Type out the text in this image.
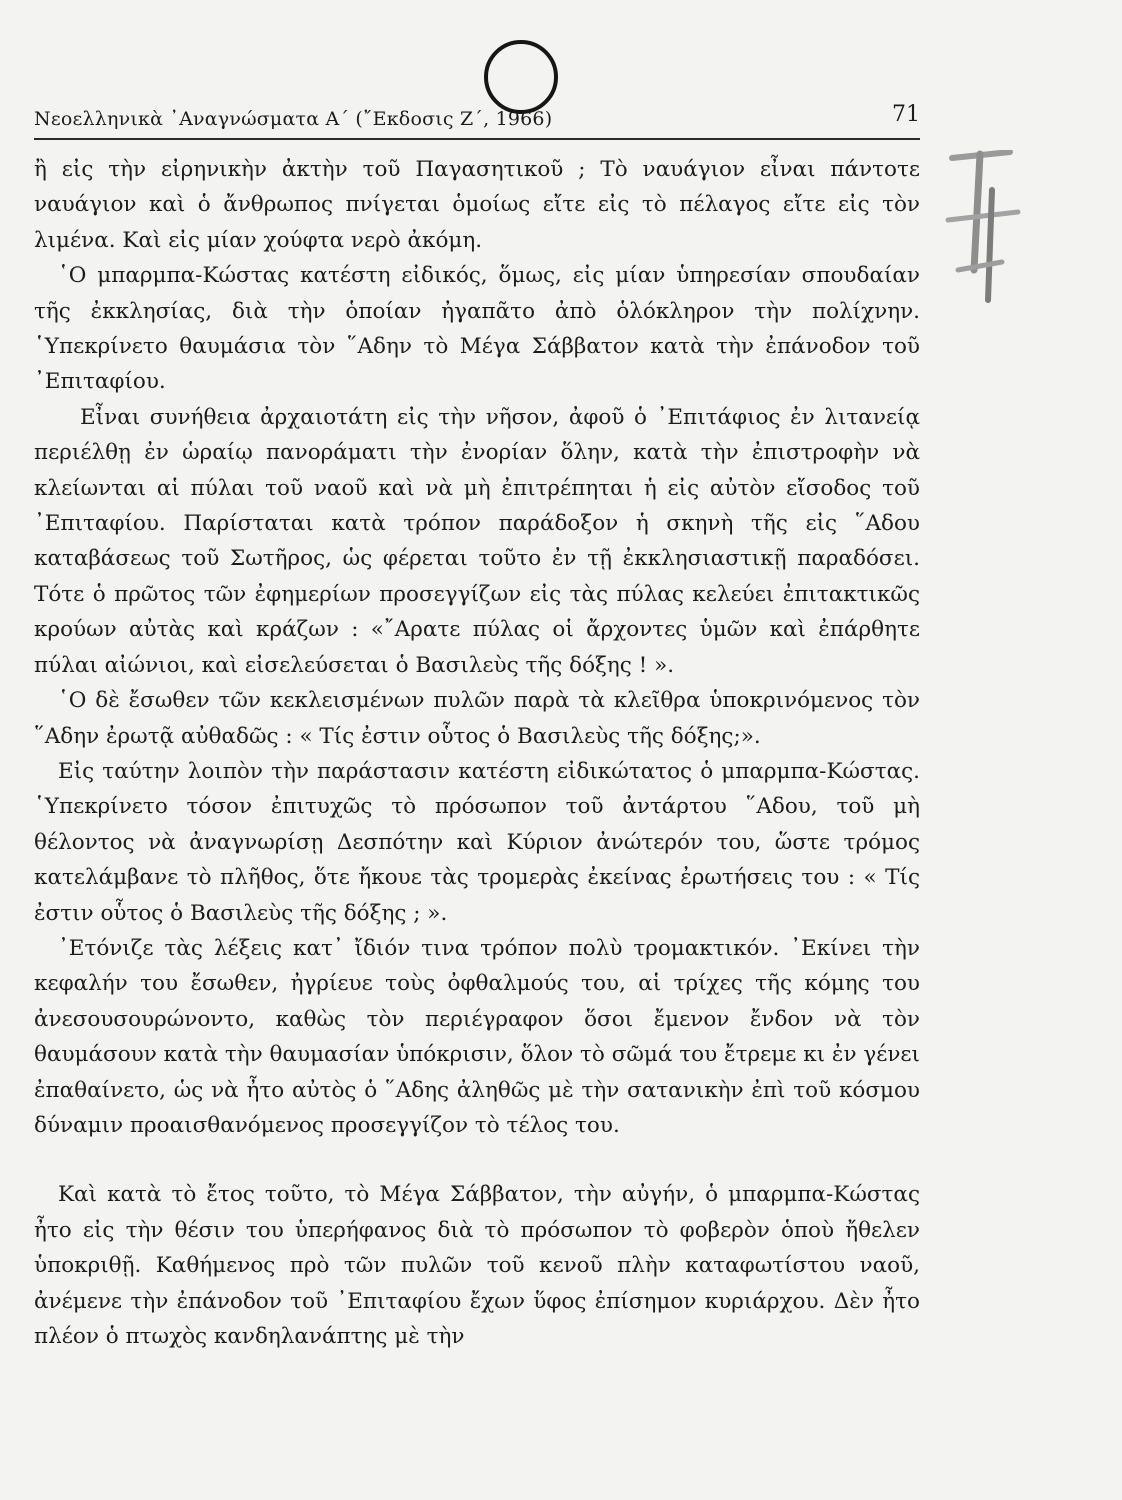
Νεοελληνικὰ ᾿Αναγνώσματα Α΄ (῎Εκδοσις Ζ΄, 1966)	71

ἢ εἰς τὴν εἰρηνικὴν ἀκτὴν τοῦ Παγασητικοῦ ; Τὸ ναυάγιον εἶναι πάντοτε ναυάγιον καὶ ὁ ἄνθρωπος πνίγεται ὁμοίως εἴτε εἰς τὸ πέλαγος εἴτε εἰς τὸν λιμένα. Καὶ εἰς μίαν χούφτα νερὸ ἀκόμη.

῾Ο μπαρμπα-Κώστας κατέστη εἰδικός, ὅμως, εἰς μίαν ὑπηρεσίαν σπουδαίαν τῆς ἐκκλησίας, διὰ τὴν ὁποίαν ἠγαπᾶτο ἀπὸ ὁλόκληρον τὴν πολίχνην. ῾Υπεκρίνετο θαυμάσια τὸν ῞Αδην τὸ Μέγα Σάββατον κατὰ τὴν ἐπάνοδον τοῦ ᾿Επιταφίου.

Εἶναι συνήθεια ἀρχαιοτάτη εἰς τὴν νῆσον, ἀφοῦ ὁ ᾿Επιτάφιος ἐν λιτανείᾳ περιέλθῃ ἐν ὡραίῳ πανοράματι τὴν ἐνορίαν ὅλην, κατὰ τὴν ἐπιστροφὴν νὰ κλείωνται αἱ πύλαι τοῦ ναοῦ καὶ νὰ μὴ ἐπιτρέπηται ἡ εἰς αὐτὸν εἴσοδος τοῦ ᾿Επιταφίου. Παρίσταται κατὰ τρόπον παράδοξον ἡ σκηνὴ τῆς εἰς ῞Αδου καταβάσεως τοῦ Σωτῆρος, ὡς φέρεται τοῦτο ἐν τῇ ἐκκλησιαστικῇ παραδόσει. Τότε ὁ πρῶτος τῶν ἐφημερίων προσεγγίζων εἰς τὰς πύλας κελεύει ἐπιτακτικῶς κρούων αὐτὰς καὶ κράζων : «῎Αρατε πύλας οἱ ἄρχοντες ὑμῶν καὶ ἐπάρθητε πύλαι αἰώνιοι, καὶ εἰσελεύσεται ὁ Βασιλεὺς τῆς δόξης ! ».

῾Ο δὲ ἔσωθεν τῶν κεκλεισμένων πυλῶν παρὰ τὰ κλεῖθρα ὑποκρινόμενος τὸν ῞Αδην ἐρωτᾷ αὐθαδῶς : « Τίς ἐστιν οὗτος ὁ Βασιλεὺς τῆς δόξης;».

Εἰς ταύτην λοιπὸν τὴν παράστασιν κατέστη εἰδικώτατος ὁ μπαρμπα-Κώστας. ῾Υπεκρίνετο τόσον ἐπιτυχῶς τὸ πρόσωπον τοῦ ἀντάρτου ῞Αδου, τοῦ μὴ θέλοντος νὰ ἀναγνωρίσῃ Δεσπότην καὶ Κύριον ἀνώτερόν του, ὥστε τρόμος κατελάμβανε τὸ πλῆθος, ὅτε ἤκουε τὰς τρομερὰς ἐκείνας ἐρωτήσεις του : « Τίς ἐστιν οὗτος ὁ Βασιλεὺς τῆς δόξης ; ».

᾿Ετόνιζε τὰς λέξεις κατ᾿ ἴδιόν τινα τρόπον πολὺ τρομακτικόν. ᾿Εκίνει τὴν κεφαλήν του ἔσωθεν, ἠγρίευε τοὺς ὀφθαλμούς του, αἱ τρίχες τῆς κόμης του ἀνεσουσουρώνοντο, καθὼς τὸν περιέγραφον ὅσοι ἔμενον ἔνδον νὰ τὸν θαυμάσουν κατὰ τὴν θαυμασίαν ὑπόκρισιν, ὅλον τὸ σῶμά του ἔτρεμε κι ἐν γένει ἐπαθαίνετο, ὡς νὰ ἦτο αὐτὸς ὁ ῞Αδης ἀληθῶς μὲ τὴν σατανικὴν ἐπὶ τοῦ κόσμου δύναμιν προαισθανόμενος προσεγγίζον τὸ τέλος του.

Καὶ κατὰ τὸ ἔτος τοῦτο, τὸ Μέγα Σάββατον, τὴν αὐγήν, ὁ μπαρμπα-Κώστας ἦτο εἰς τὴν θέσιν του ὑπερήφανος διὰ τὸ πρόσωπον τὸ φοβερὸν ὁποὺ ἤθελεν ὑποκριθῇ. Καθήμενος πρὸ τῶν πυλῶν τοῦ κενοῦ πλὴν καταφωτίστου ναοῦ, ἀνέμενε τὴν ἐπάνοδον τοῦ ᾿Επιταφίου ἔχων ὕφος ἐπίσημον κυριάρχου. Δὲν ἦτο πλέον ὁ πτωχὸς κανδηλανάπτης μὲ τὴν
